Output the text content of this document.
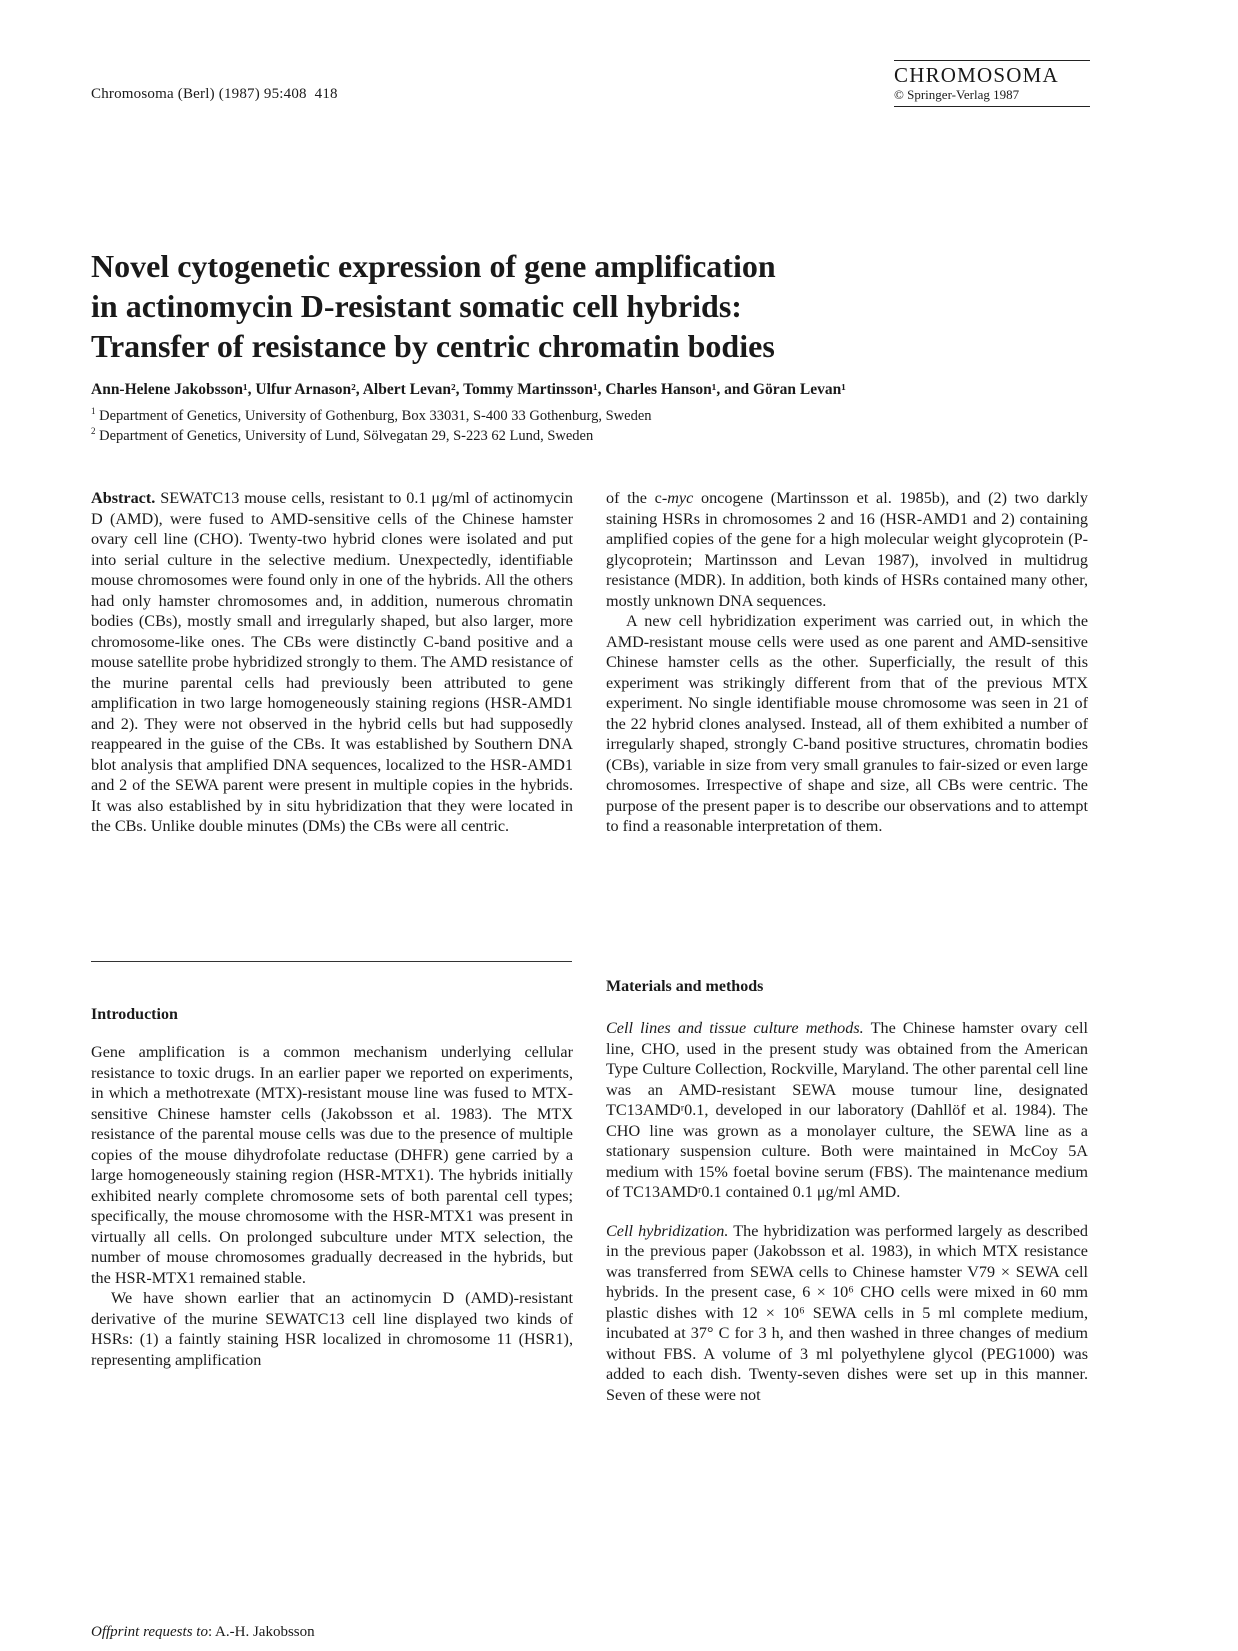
Chromosoma (Berl) (1987) 95:408  418
CHROMOSOMA
© Springer-Verlag 1987
Novel cytogenetic expression of gene amplification
in actinomycin D-resistant somatic cell hybrids:
Transfer of resistance by centric chromatin bodies
Ann-Helene Jakobsson¹, Ulfur Arnason², Albert Levan², Tommy Martinsson¹, Charles Hanson¹, and Göran Levan¹
$^1$ Department of Genetics, University of Gothenburg, Box 33031, S-400 33 Gothenburg, Sweden
$^2$ Department of Genetics, University of Lund, Sölvegatan 29, S-223 62 Lund, Sweden

Abstract. SEWATC13 mouse cells, resistant to 0.1 μg/ml of actinomycin D (AMD), were fused to AMD-sensitive cells of the Chinese hamster ovary cell line (CHO). Twenty-two hybrid clones were isolated and put into serial culture in the selective medium. Unexpectedly, identifiable mouse chromosomes were found only in one of the hybrids. All the others had only hamster chromosomes and, in addition, numerous chromatin bodies (CBs), mostly small and irregularly shaped, but also larger, more chromosome-like ones. The CBs were distinctly C-band positive and a mouse satellite probe hybridized strongly to them. The AMD resistance of the murine parental cells had previously been attributed to gene amplification in two large homogeneously staining regions (HSR-AMD1 and 2). They were not observed in the hybrid cells but had supposedly reappeared in the guise of the CBs. It was established by Southern DNA blot analysis that amplified DNA sequences, localized to the HSR-AMD1 and 2 of the SEWA parent were present in multiple copies in the hybrids. It was also established by in situ hybridization that they were located in the CBs. Unlike double minutes (DMs) the CBs were all centric.

of the c-myc oncogene (Martinsson et al. 1985b), and (2) two darkly staining HSRs in chromosomes 2 and 16 (HSR-AMD1 and 2) containing amplified copies of the gene for a high molecular weight glycoprotein (P-glycoprotein; Martinsson and Levan 1987), involved in multidrug resistance (MDR). In addition, both kinds of HSRs contained many other, mostly unknown DNA sequences.

A new cell hybridization experiment was carried out, in which the AMD-resistant mouse cells were used as one parent and AMD-sensitive Chinese hamster cells as the other. Superficially, the result of this experiment was strikingly different from that of the previous MTX experiment. No single identifiable mouse chromosome was seen in 21 of the 22 hybrid clones analysed. Instead, all of them exhibited a number of irregularly shaped, strongly C-band positive structures, chromatin bodies (CBs), variable in size from very small granules to fair-sized or even large chromosomes. Irrespective of shape and size, all CBs were centric. The purpose of the present paper is to describe our observations and to attempt to find a reasonable interpretation of them.

Introduction

Gene amplification is a common mechanism underlying cellular resistance to toxic drugs. In an earlier paper we reported on experiments, in which a methotrexate (MTX)-resistant mouse line was fused to MTX-sensitive Chinese hamster cells (Jakobsson et al. 1983). The MTX resistance of the parental mouse cells was due to the presence of multiple copies of the mouse dihydrofolate reductase (DHFR) gene carried by a large homogeneously staining region (HSR-MTX1). The hybrids initially exhibited nearly complete chromosome sets of both parental cell types; specifically, the mouse chromosome with the HSR-MTX1 was present in virtually all cells. On prolonged subculture under MTX selection, the number of mouse chromosomes gradually decreased in the hybrids, but the HSR-MTX1 remained stable.

We have shown earlier that an actinomycin D (AMD)-resistant derivative of the murine SEWATC13 cell line displayed two kinds of HSRs: (1) a faintly staining HSR localized in chromosome 11 (HSR1), representing amplification

Materials and methods

Cell lines and tissue culture methods. The Chinese hamster ovary cell line, CHO, used in the present study was obtained from the American Type Culture Collection, Rockville, Maryland. The other parental cell line was an AMD-resistant SEWA mouse tumour line, designated TC13AMDʳ0.1, developed in our laboratory (Dahllöf et al. 1984). The CHO line was grown as a monolayer culture, the SEWA line as a stationary suspension culture. Both were maintained in McCoy 5A medium with 15% foetal bovine serum (FBS). The maintenance medium of TC13AMDʳ0.1 contained 0.1 μg/ml AMD.

Cell hybridization. The hybridization was performed largely as described in the previous paper (Jakobsson et al. 1983), in which MTX resistance was transferred from SEWA cells to Chinese hamster V79 × SEWA cell hybrids. In the present case, 6 × 10⁶ CHO cells were mixed in 60 mm plastic dishes with 12 × 10⁶ SEWA cells in 5 ml complete medium, incubated at 37° C for 3 h, and then washed in three changes of medium without FBS. A volume of 3 ml polyethylene glycol (PEG1000) was added to each dish. Twenty-seven dishes were set up in this manner. Seven of these were not

Offprint requests to: A.-H. Jakobsson
